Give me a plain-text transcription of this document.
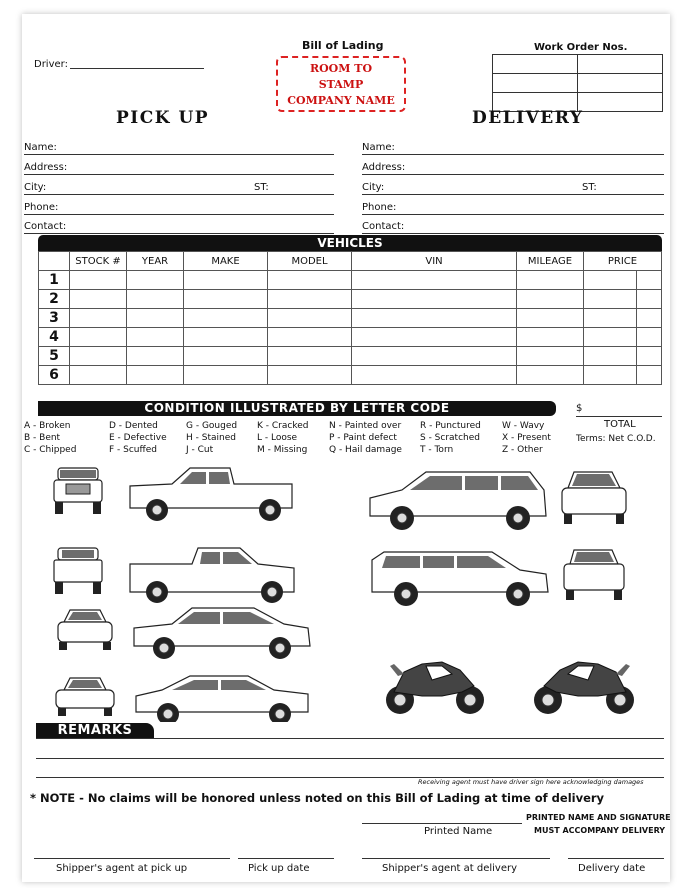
Bill of Lading
Driver:	ROOM TO
STAMP
COMPANY NAME
Work Order Nos.

PICK UP	DELIVERY
Name:
Address:
City:	ST:
Phone:
Contact:
Name:
Address:
City:	ST:
Phone:
Contact:
VEHICLES
	STOCK #	YEAR	MAKE	MODEL	VIN	MILEAGE	PRICE	
1								
2								
3								
4								
5								
6								
CONDITION ILLUSTRATED BY LETTER CODE	$
TOTAL
Terms: Net C.O.D.
A - Broken
B - Bent
C - Chipped
D - Dented
E - Defective
F - Scuffed
G - Gouged
H - Stained
J - Cut
K - Cracked
L - Loose
M - Missing
N - Painted over
P - Paint defect
Q - Hail damage
R - Punctured
S - Scratched
T - Torn
W - Wavy
X - Present
Z - Other
REMARKS
Receiving agent must have driver sign here acknowledging damages
* NOTE - No claims will be honored unless noted on this Bill of Lading at time of delivery
Printed Name
PRINTED NAME AND SIGNATURE
MUST ACCOMPANY DELIVERY
Shipper's agent at pick up	Pick up date	Shipper's agent at delivery	Delivery date
